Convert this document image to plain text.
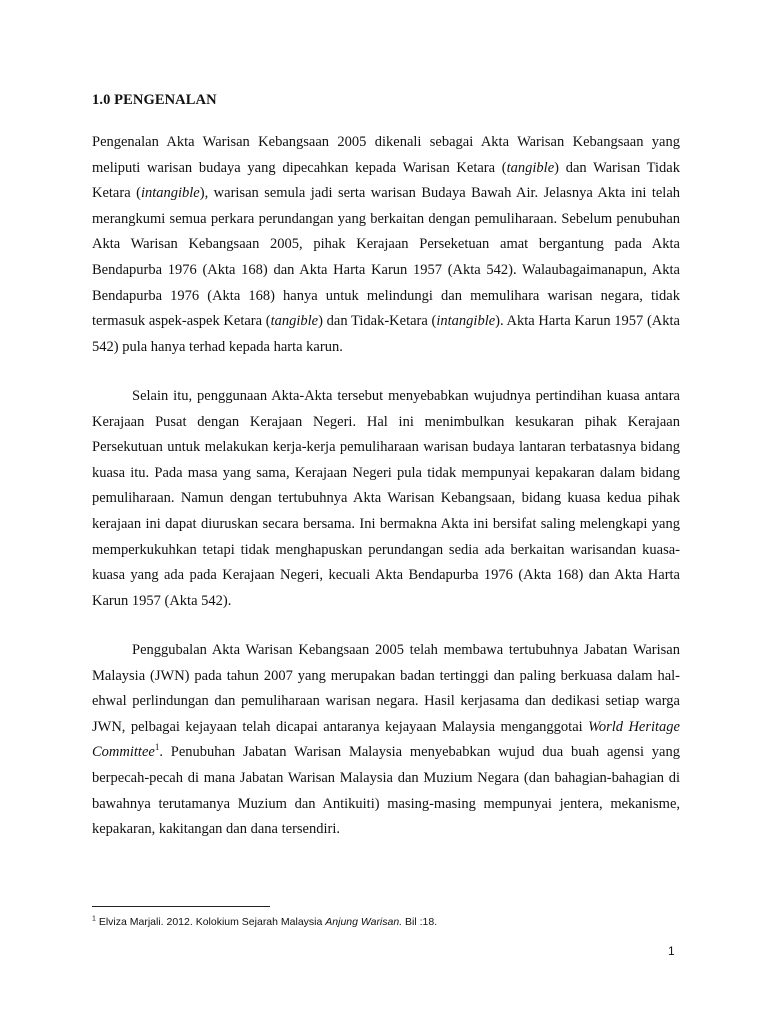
1.0 PENGENALAN

Pengenalan Akta Warisan Kebangsaan 2005 dikenali sebagai Akta Warisan Kebangsaan yang meliputi warisan budaya yang dipecahkan kepada Warisan Ketara (tangible) dan Warisan Tidak Ketara (intangible), warisan semula jadi serta warisan Budaya Bawah Air. Jelasnya Akta ini telah merangkumi semua perkara perundangan yang berkaitan dengan pemuliharaan. Sebelum penubuhan Akta Warisan Kebangsaan 2005, pihak Kerajaan Perseketuan amat bergantung pada Akta Bendapurba 1976 (Akta 168) dan Akta Harta Karun 1957 (Akta 542). Walaubagaimanapun, Akta Bendapurba 1976 (Akta 168) hanya untuk melindungi dan memulihara warisan negara, tidak termasuk aspek-aspek Ketara (tangible) dan Tidak-Ketara (intangible). Akta Harta Karun 1957 (Akta 542) pula hanya terhad kepada harta karun.

Selain itu, penggunaan Akta-Akta tersebut menyebabkan wujudnya pertindihan kuasa antara Kerajaan Pusat dengan Kerajaan Negeri. Hal ini menimbulkan kesukaran pihak Kerajaan Persekutuan untuk melakukan kerja-kerja pemuliharaan warisan budaya lantaran terbatasnya bidang kuasa itu. Pada masa yang sama, Kerajaan Negeri pula tidak mempunyai kepakaran dalam bidang pemuliharaan. Namun dengan tertubuhnya Akta Warisan Kebangsaan, bidang kuasa kedua pihak kerajaan ini dapat diuruskan secara bersama. Ini bermakna Akta ini bersifat saling melengkapi yang memperkukuhkan tetapi tidak menghapuskan perundangan sedia ada berkaitan warisandan kuasa-kuasa yang ada pada Kerajaan Negeri, kecuali Akta Bendapurba 1976 (Akta 168) dan Akta Harta Karun 1957 (Akta 542).

Penggubalan Akta Warisan Kebangsaan 2005 telah membawa tertubuhnya Jabatan Warisan Malaysia (JWN) pada tahun 2007 yang merupakan badan tertinggi dan paling berkuasa dalam hal-ehwal perlindungan dan pemuliharaan warisan negara. Hasil kerjasama dan dedikasi setiap warga JWN, pelbagai kejayaan telah dicapai antaranya kejayaan Malaysia menganggotai World Heritage Committee$^1$. Penubuhan Jabatan Warisan Malaysia menyebabkan wujud dua buah agensi yang berpecah-pecah di mana Jabatan Warisan Malaysia dan Muzium Negara (dan bahagian-bahagian di bawahnya terutamanya Muzium dan Antikuiti) masing-masing mempunyai jentera, mekanisme, kepakaran, kakitangan dan dana tersendiri.

$^1$ Elviza Marjali. 2012. Kolokium Sejarah Malaysia Anjung Warisan. Bil :18.
1
